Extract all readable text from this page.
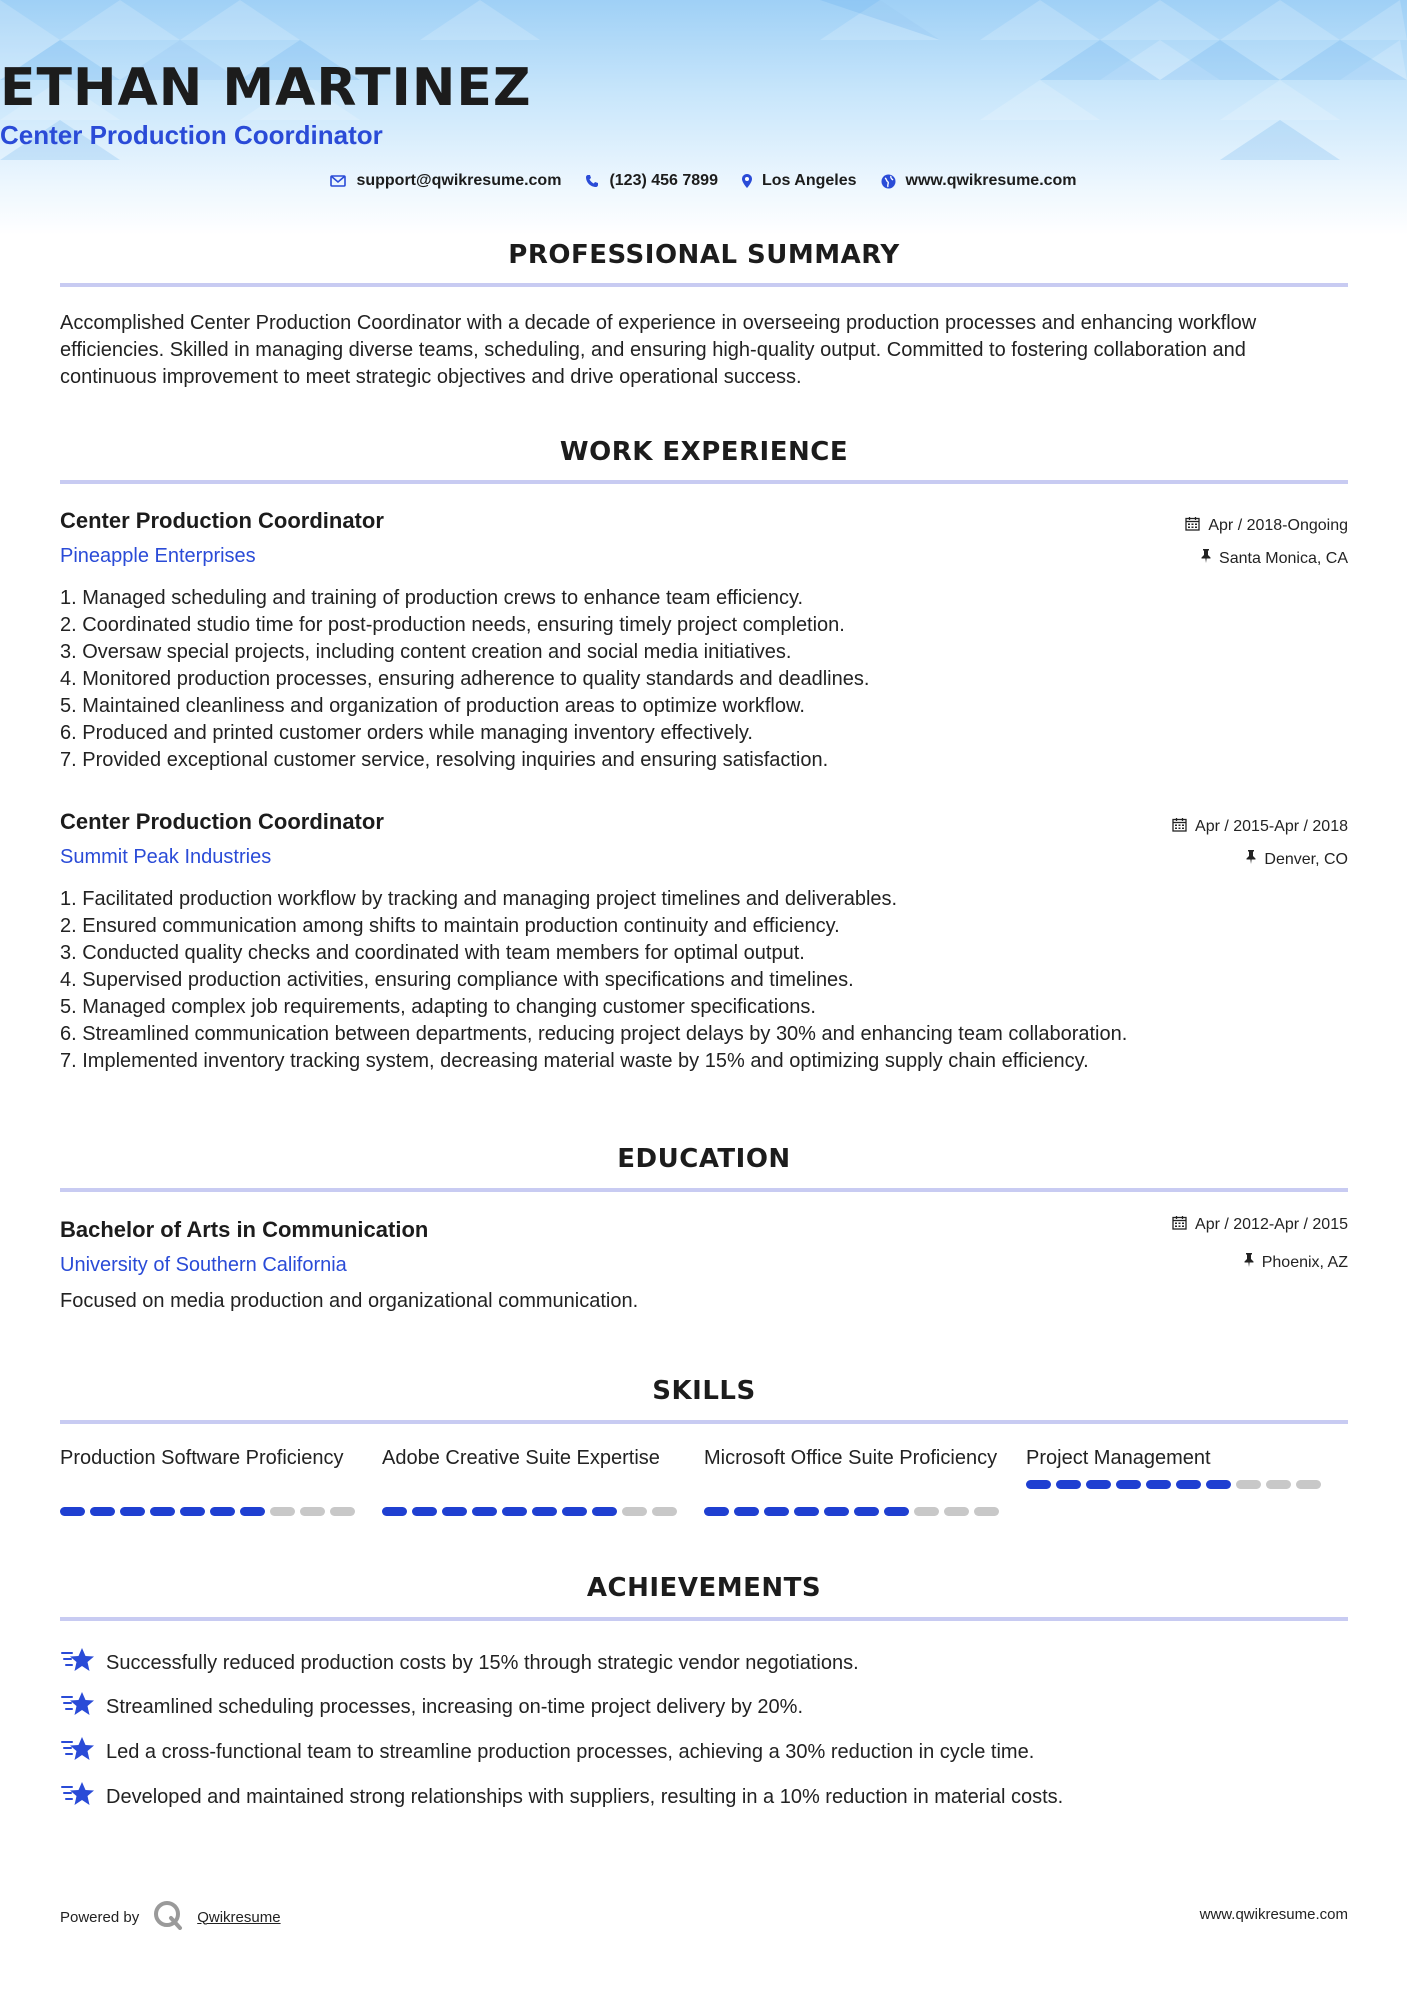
ETHAN MARTINEZ
Center Production Coordinator
support@qwikresume.com	(123) 456 7899	Los Angeles	www.qwikresume.com
PROFESSIONAL SUMMARY
Accomplished Center Production Coordinator with a decade of experience in overseeing production processes and enhancing workflow efficiencies. Skilled in managing diverse teams, scheduling, and ensuring high-quality output. Committed to fostering collaboration and continuous improvement to meet strategic objectives and drive operational success.
WORK EXPERIENCE
Center Production Coordinator
Pineapple Enterprises
Apr / 2018-Ongoing
Santa Monica, CA
1. Managed scheduling and training of production crews to enhance team efficiency.
2. Coordinated studio time for post-production needs, ensuring timely project completion.
3. Oversaw special projects, including content creation and social media initiatives.
4. Monitored production processes, ensuring adherence to quality standards and deadlines.
5. Maintained cleanliness and organization of production areas to optimize workflow.
6. Produced and printed customer orders while managing inventory effectively.
7. Provided exceptional customer service, resolving inquiries and ensuring satisfaction.
Center Production Coordinator
Summit Peak Industries
Apr / 2015-Apr / 2018
Denver, CO
1. Facilitated production workflow by tracking and managing project timelines and deliverables.
2. Ensured communication among shifts to maintain production continuity and efficiency.
3. Conducted quality checks and coordinated with team members for optimal output.
4. Supervised production activities, ensuring compliance with specifications and timelines.
5. Managed complex job requirements, adapting to changing customer specifications.
6. Streamlined communication between departments, reducing project delays by 30% and enhancing team collaboration.
7. Implemented inventory tracking system, decreasing material waste by 15% and optimizing supply chain efficiency.
EDUCATION
Bachelor of Arts in Communication
University of Southern California
Apr / 2012-Apr / 2015
Phoenix, AZ
Focused on media production and organizational communication.
SKILLS
Production Software Proficiency	Adobe Creative Suite Expertise	Microsoft Office Suite Proficiency	Project Management
ACHIEVEMENTS
Successfully reduced production costs by 15% through strategic vendor negotiations.
Streamlined scheduling processes, increasing on-time project delivery by 20%.
Led a cross-functional team to streamline production processes, achieving a 30% reduction in cycle time.
Developed and maintained strong relationships with suppliers, resulting in a 10% reduction in material costs.
Powered by	Qwikresume	www.qwikresume.com
